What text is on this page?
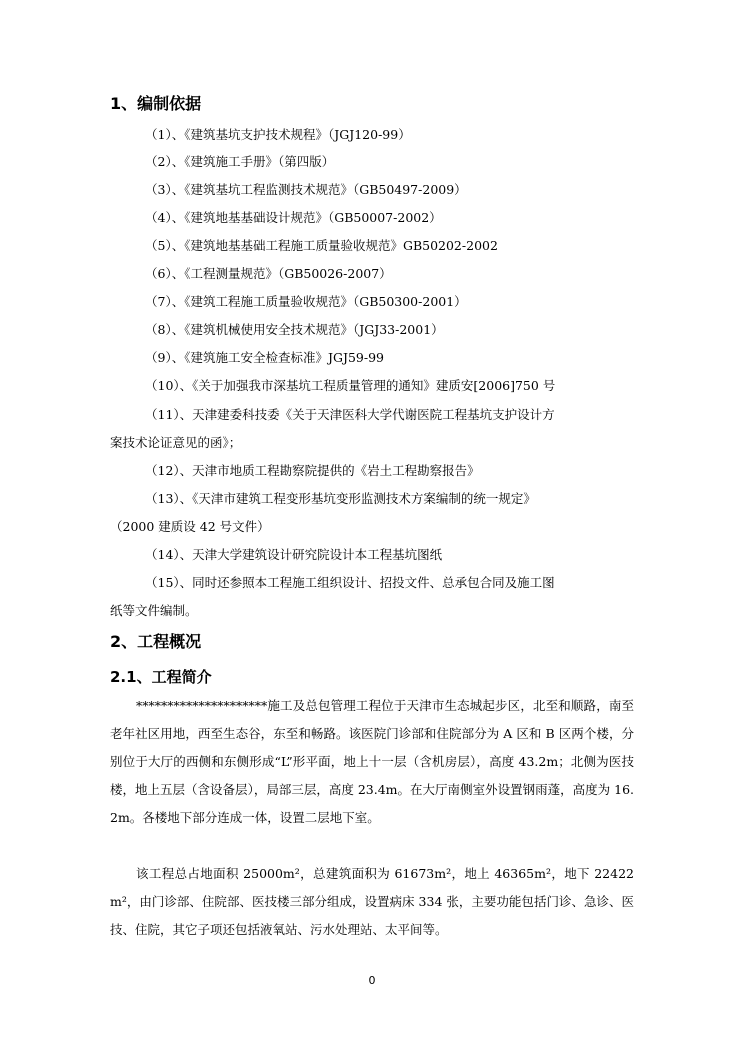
1、编制依据
（1）、《建筑基坑支护技术规程》（JGJ120-99）
（2）、《建筑施工手册》（第四版）
（3）、《建筑基坑工程监测技术规范》（GB50497-2009）
（4）、《建筑地基基础设计规范》（GB50007-2002）
（5）、《建筑地基基础工程施工质量验收规范》GB50202-2002
（6）、《工程测量规范》（GB50026-2007）
（7）、《建筑工程施工质量验收规范》（GB50300-2001）
（8）、《建筑机械使用安全技术规范》（JGJ33-2001）
（9）、《建筑施工安全检查标准》JGJ59-99
（10）、《关于加强我市深基坑工程质量管理的通知》建质安[2006]750 号
（11）、天津建委科技委《关于天津医科大学代谢医院工程基坑支护设计方
案技术论证意见的函》；
（12）、天津市地质工程勘察院提供的《岩土工程勘察报告》
（13）、《天津市建筑工程变形基坑变形监测技术方案编制的统一规定》
（2000 建质设 42 号文件）
（14）、天津大学建筑设计研究院设计本工程基坑图纸
（15）、同时还参照本工程施工组织设计、招投文件、总承包合同及施工图
纸等文件编制。
2、工程概况
2.1、工程简介
*********************施工及总包管理工程位于天津市生态城起步区，北至和顺路，南至老年社区用地，西至生态谷，东至和畅路。该医院门诊部和住院部分为 A 区和 B 区两个楼，分别位于大厅的西侧和东侧形成“L”形平面，地上十一层（含机房层），高度 43.2m；北侧为医技楼，地上五层（含设备层），局部三层，高度 23.4m。在大厅南侧室外设置钢雨蓬，高度为 16.2m。各楼地下部分连成一体，设置二层地下室。
该工程总占地面积 25000m²，总建筑面积为 61673m²，地上 46365m²，地下 22422m²，由门诊部、住院部、医技楼三部分组成，设置病床 334 张，主要功能包括门诊、急诊、医技、住院，其它子项还包括液氧站、污水处理站、太平间等。
0
